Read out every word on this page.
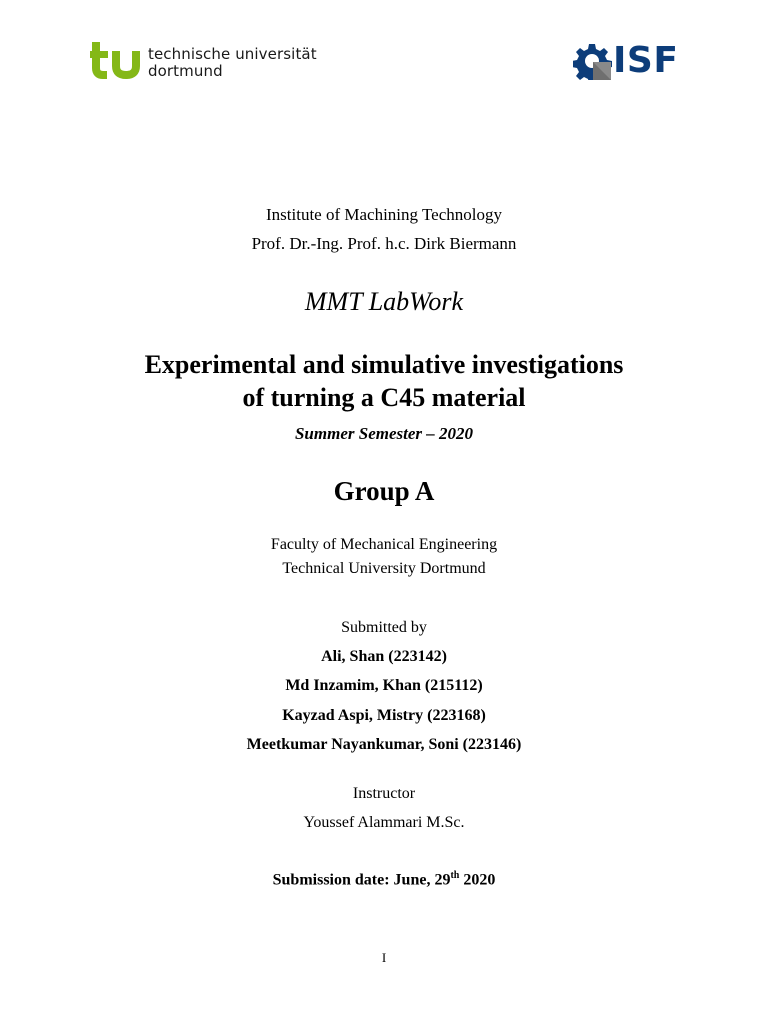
technische universität
dortmund	ISF
Institute of Machining Technology
Prof. Dr.-Ing. Prof. h.c. Dirk Biermann
MMT LabWork
Experimental and simulative investigations
of turning a C45 material
Summer Semester – 2020
Group A
Faculty of Mechanical Engineering
Technical University Dortmund
Submitted by
Ali, Shan (223142)
Md Inzamim, Khan (215112)
Kayzad Aspi, Mistry (223168)
Meetkumar Nayankumar, Soni (223146)
Instructor
Youssef Alammari M.Sc.
Submission date: June, 29th 2020
I
